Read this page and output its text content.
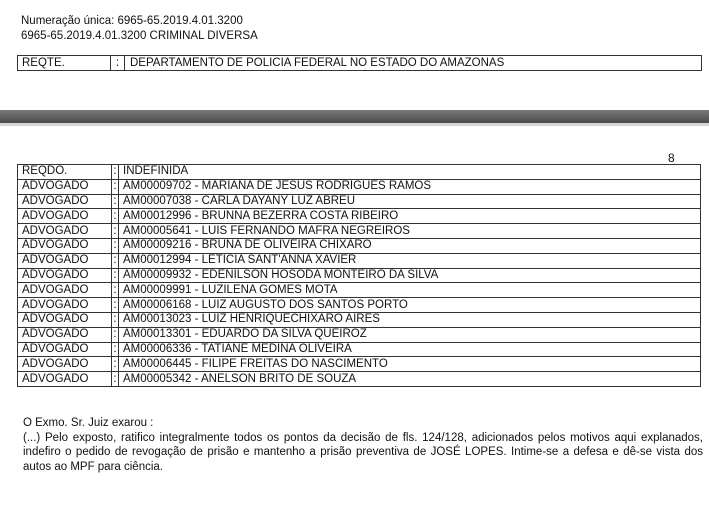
Numeração única: 6965-65.2019.4.01.3200
6965-65.2019.4.01.3200 CRIMINAL DIVERSA
REQTE.	: DEPARTAMENTO DE POLICIA FEDERAL NO ESTADO DO AMAZONAS
8
REQDO.	:	INDEFINIDA
ADVOGADO	:	AM00009702 - MARIANA DE JESUS RODRIGUES RAMOS
ADVOGADO	:	AM00007038 - CARLA DAYANY LUZ ABREU
ADVOGADO	:	AM00012996 - BRUNNA BEZERRA COSTA RIBEIRO
ADVOGADO	:	AM00005641 - LUIS FERNANDO MAFRA NEGREIROS
ADVOGADO	:	AM00009216 - BRUNA DE OLIVEIRA CHIXARO
ADVOGADO	:	AM00012994 - LETICIA SANT'ANNA XAVIER
ADVOGADO	:	AM00009932 - EDENILSON HOSODA MONTEIRO DA SILVA
ADVOGADO	:	AM00009991 - LUZILENA GOMES MOTA
ADVOGADO	:	AM00006168 - LUIZ AUGUSTO DOS SANTOS PORTO
ADVOGADO	:	AM00013023 - LUIZ HENRIQUECHIXARO AIRES
ADVOGADO	:	AM00013301 - EDUARDO DA SILVA QUEIROZ
ADVOGADO	:	AM00006336 - TATIANE MEDINA OLIVEIRA
ADVOGADO	:	AM00006445 - FILIPE FREITAS DO NASCIMENTO
ADVOGADO	:	AM00005342 - ANELSON BRITO DE SOUZA

O Exmo. Sr. Juiz exarou :

(...) Pelo exposto, ratifico integralmente todos os pontos da decisão de fls. 124/128, adicionados pelos motivos aqui explanados, indefiro o pedido de revogação de prisão e mantenho a prisão preventiva de JOSÉ LOPES. Intime-se a defesa e dê-se vista dos autos ao MPF para ciência.
